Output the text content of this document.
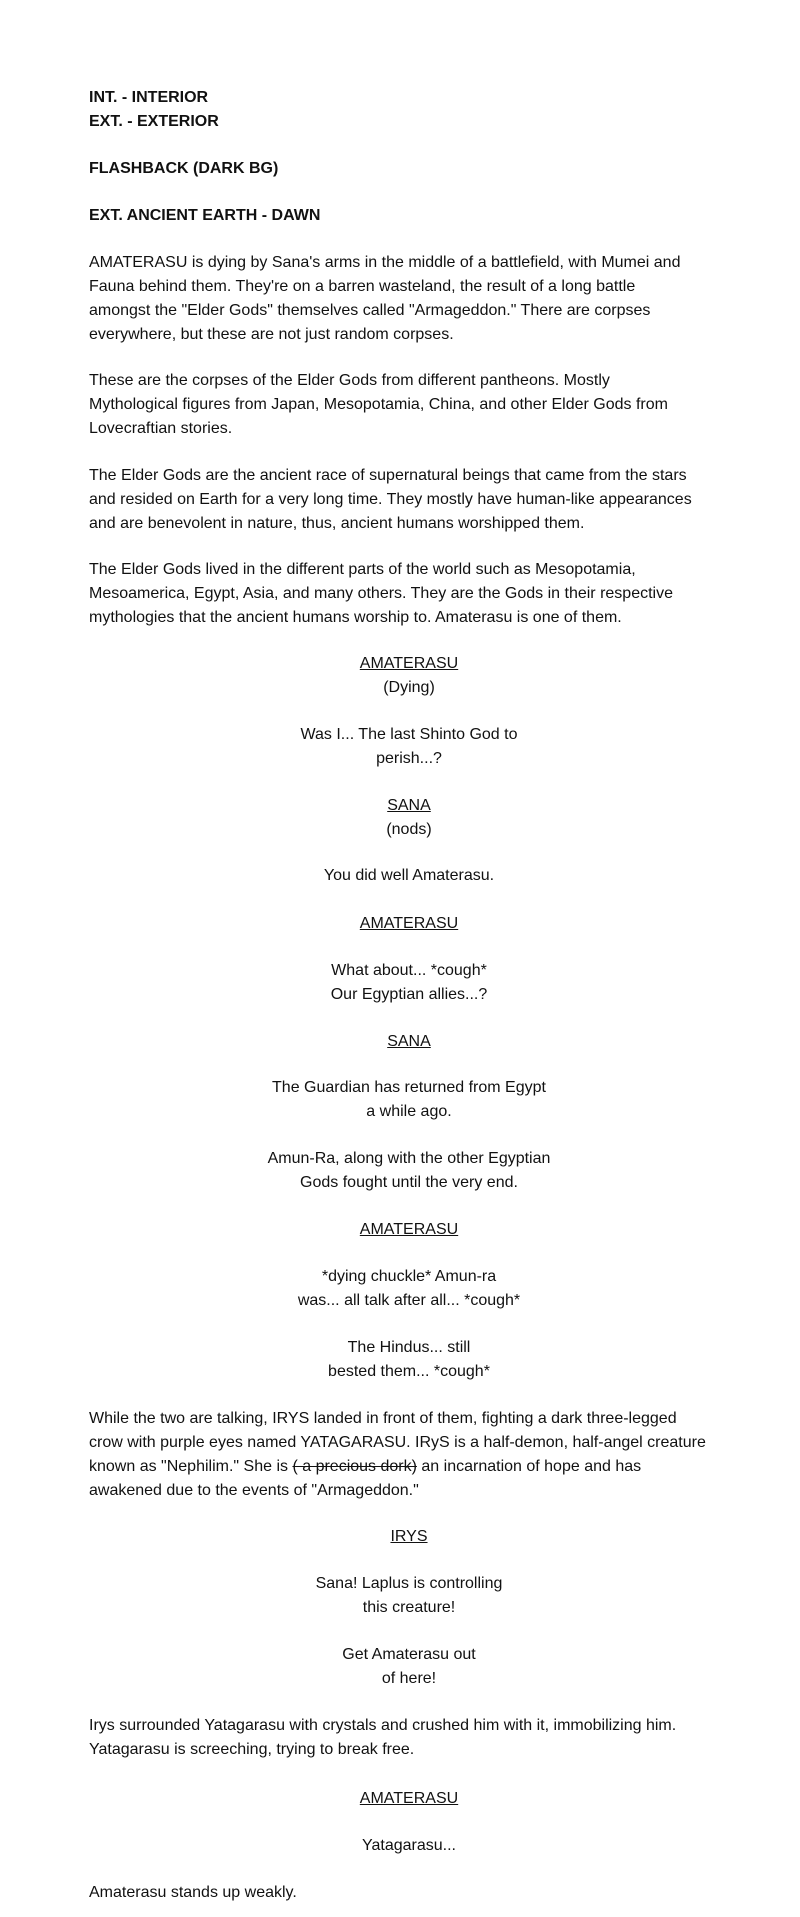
INT. - INTERIOR
EXT. - EXTERIOR
FLASHBACK (DARK BG)
EXT. ANCIENT EARTH - DAWN
AMATERASU is dying by Sana's arms in the middle of a battlefield, with Mumei and
Fauna behind them. They're on a barren wasteland, the result of a long battle
amongst the "Elder Gods" themselves called "Armageddon." There are corpses
everywhere, but these are not just random corpses.
These are the corpses of the Elder Gods from different pantheons. Mostly
Mythological figures from Japan, Mesopotamia, China, and other Elder Gods from
Lovecraftian stories.
The Elder Gods are the ancient race of supernatural beings that came from the stars
and resided on Earth for a very long time. They mostly have human-like appearances
and are benevolent in nature, thus, ancient humans worshipped them.
The Elder Gods lived in the different parts of the world such as Mesopotamia,
Mesoamerica, Egypt, Asia, and many others. They are the Gods in their respective
mythologies that the ancient humans worship to. Amaterasu is one of them.
AMATERASU
(Dying)
Was I... The last Shinto God to
perish...?
SANA
(nods)
You did well Amaterasu.
AMATERASU
What about... *cough*
Our Egyptian allies...?
SANA
The Guardian has returned from Egypt
a while ago.
Amun-Ra, along with the other Egyptian
Gods fought until the very end.
AMATERASU
*dying chuckle* Amun-ra
was... all talk after all... *cough*
The Hindus... still
bested them... *cough*
While the two are talking, IRYS landed in front of them, fighting a dark three-legged
crow with purple eyes named YATAGARASU. IRyS is a half-demon, half-angel creature
known as "Nephilim." She is ( a precious dork) an incarnation of hope and has
awakened due to the events of "Armageddon."
IRYS
Sana! Laplus is controlling
this creature!
Get Amaterasu out
of here!
Irys surrounded Yatagarasu with crystals and crushed him with it, immobilizing him.
Yatagarasu is screeching, trying to break free.
AMATERASU
Yatagarasu...
Amaterasu stands up weakly.
